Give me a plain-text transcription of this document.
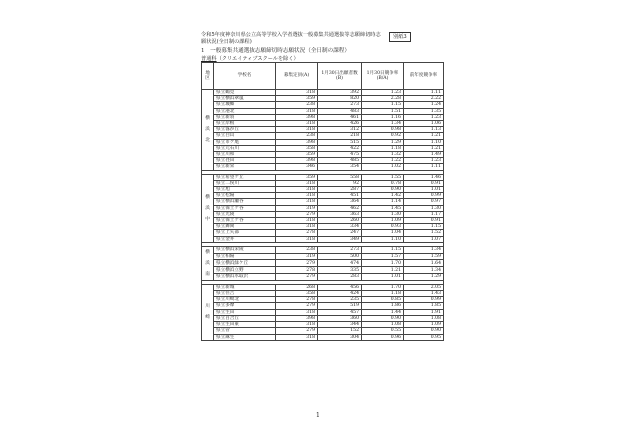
令和5年度神奈川県公立高等学校入学者選抜一般募集共通選抜等志願締切時志願状況(全日制の課程)
別紙3
1　一般募集共通選抜志願締切時志願状況（全日制の課程）
普通科（クリエイティブスクールを除く）
地区	学校名	募集定員(A)	1月30日出願者数(B)	1月30日競争率(B/A)	前年度競争率
横
浜
北	県立鶴見	318	392	1.23	1.11
	県立横浜翠嵐	359	820	2.28	2.22
	県立城郷	238	273	1.15	1.24
	県立港北	318	483	1.51	1.35
	県立新羽	398	461	1.16	1.23
	県立岸根	318	426	1.34	1.06
	県立霧が丘	318	312	0.98	1.13
	県立白山	238	218	0.92	1.21
	県立市ケ尾	398	515	1.29	1.10
	県立元石川	358	422	1.18	1.21
	県立川和	359	475	1.32	1.49
	県立荏田	398	485	1.22	1.23
	県立新栄	346	354	1.02	1.11

横
浜
中	県立希望ケ丘	359	558	1.55	1.46
	県立二俣川	318	92	0.78	0.91
	県立旭	318	287	0.90	1.01
	県立松陽	318	451	1.42	0.99
	県立横浜瀬谷	318	364	1.14	0.97
	県立保土ケ谷	319	462	1.45	1.30
	県立光陵	279	363	1.30	1.17
	県立保土ケ谷	318	260	1.09	0.91
	県立舞岡	318	334	0.93	1.15
	県立上矢部	278	247	1.04	1.52
	県立金井	318	349	1.10	1.07

横
浜
南	県立横浜栄陵	238	273	1.15	1.34
	県立柏陽	319	500	1.57	1.59
	県立横浜緑ケ丘	279	474	1.70	1.64
	県立横浜立野	278	335	1.21	1.34
	県立横浜氷取沢	279	283	1.01	1.29

川
崎	県立新城	268	456	1.70	2.05
	県立住吉	358	424	1.18	1.43
	県立川崎北	278	235	0.85	0.99
	県立多摩	279	519	1.86	1.85
	県立生田	318	457	1.44	1.91
	県立百合丘	398	360	0.90	1.08
	県立生田東	318	344	1.08	1.09
	県立菅	279	152	0.55	0.90
	県立麻生	318	304	0.96	0.95
1
